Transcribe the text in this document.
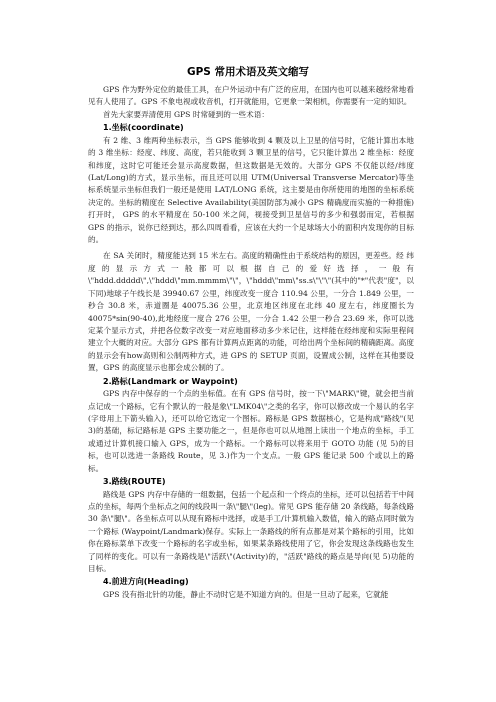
GPS 常用术语及英文缩写

GPS 作为野外定位的最佳工具，在户外运动中有广泛的应用，在国内也可以越来越经常地看见有人使用了。GPS 不象电视或收音机，打开就能用，它更象一架相机，你需要有一定的知识。

首先大家要弄清使用 GPS 时常碰到的一些术语：

1.坐标(coordinate)

有 2 维、3 维两种坐标表示，当 GPS 能够收到 4 颗及以上卫星的信号时，它能计算出本地的 3 维坐标：经度、纬度、高度，若只能收到 3 颗卫星的信号，它只能计算出 2 维坐标：经度和纬度，这时它可能还会显示高度数据，但这数据是无效的。大部分 GPS 不仅能以经/纬度(Lat/Long)的方式，显示坐标，而且还可以用 UTM(Universal Transverse Mercator)等坐标系统显示坐标但我们一般还是使用 LAT/LONG 系统，这主要是由你所使用的地图的坐标系统决定的。坐标的精度在 Selective Availability(美国防部为减小 GPS 精确度而实施的一种措施)打开时， GPS 的水平精度在 50-100 米之间，视接受到卫星信号的多少和强弱而定，若根据 GPS 的指示，说你已经到达，那么四周看看，应该在大约一个足球场大小的面积内发现你的目标的。

在 SA 关闭时，精度能达到 15 米左右。高度的精确性由于系统结构的原因，更差些。经 纬 度 的 显 示 方 式 一 般 都 可 以 根 据 自 己 的 爱 好 选 择 ， 一 般 有 \"hddd.ddddd\",\"hddd\"mm.mmmm\"\"，\"hddd\"mm\"ss.s\"\"\"(其中的"*"代表"度"，以下同)地球子午线长是 39940.67 公里，纬度改变一度合 110.94 公里，一分合 1.849 公里，一秒合 30.8 米，赤道圈是 40075.36 公里，北京地区纬度在北纬 40 度左右，纬度圈长为 40075*sin(90-40),此地经度一度合 276 公里，一分合 1.42 公里一秒合 23.69 米，你可以选定某个显示方式，并把各位数字改变一对应地面移动多少米记住，这样能在经纬度和实际里程间建立个大概的对应。大部分 GPS 都有计算两点距离的功能，可给出两个坐标间的精确距离。高度的显示会有how高则和公制两种方式，进 GPS 的 SETUP 页面，设置成公制，这样在其他要设置，GPS 的高度显示也都会成公制的了。

2.路标(Landmark or Waypoint)

GPS 内存中保存的一个点的坐标值。在有 GPS 信号时，按一下\"MARK\"键，就会把当前点记成一个路标，它有个默认的一般是象\"LMK04\"之类的名字，你可以修改成一个易认的名字(字母用上下箭头输入)，还可以给它选定一个图标。路标是 GPS 数据核心，它是构成"路线"(见 3)的基础，标记路标是 GPS 主要功能之一，但是你也可以从地图上读出一个地点的坐标，手工或通过计算机接口输入 GPS，成为一个路标。一个路标可以将来用于 GOTO 功能 (见 5)的目标，也可以选进一条路线 Route，见 3.)作为一个支点。一般 GPS 能记录 500 个或以上的路标。

3.路线(ROUTE)

路线是 GPS 内存中存储的一组数据，包括一个起点和一个终点的坐标，还可以包括若干中间点的坐标，每两个坐标点之间的线段叫一条\"腿\"(leg)。常见 GPS 能存储 20 条线路，每条线路 30 条\"腿\"。各坐标点可以从现有路标中选择，或是手工/计算机输入数值，输入的路点同时做为一个路标 (Waypoint/Landmark)保存。实际上一条路线的所有点都是对某个路标的引用，比如你在路标菜单下改变一个路标的名字或坐标，如果某条路线使用了它，你会发现这条线路也发生了同样的变化。可以有一条路线是\"活跃\"(Activity)的，"活跃"路线的路点是导向(见 5)功能的目标。

4.前进方向(Heading)

GPS 没有指北针的功能，静止不动时它是不知道方向的。但是一旦动了起来，它就能
